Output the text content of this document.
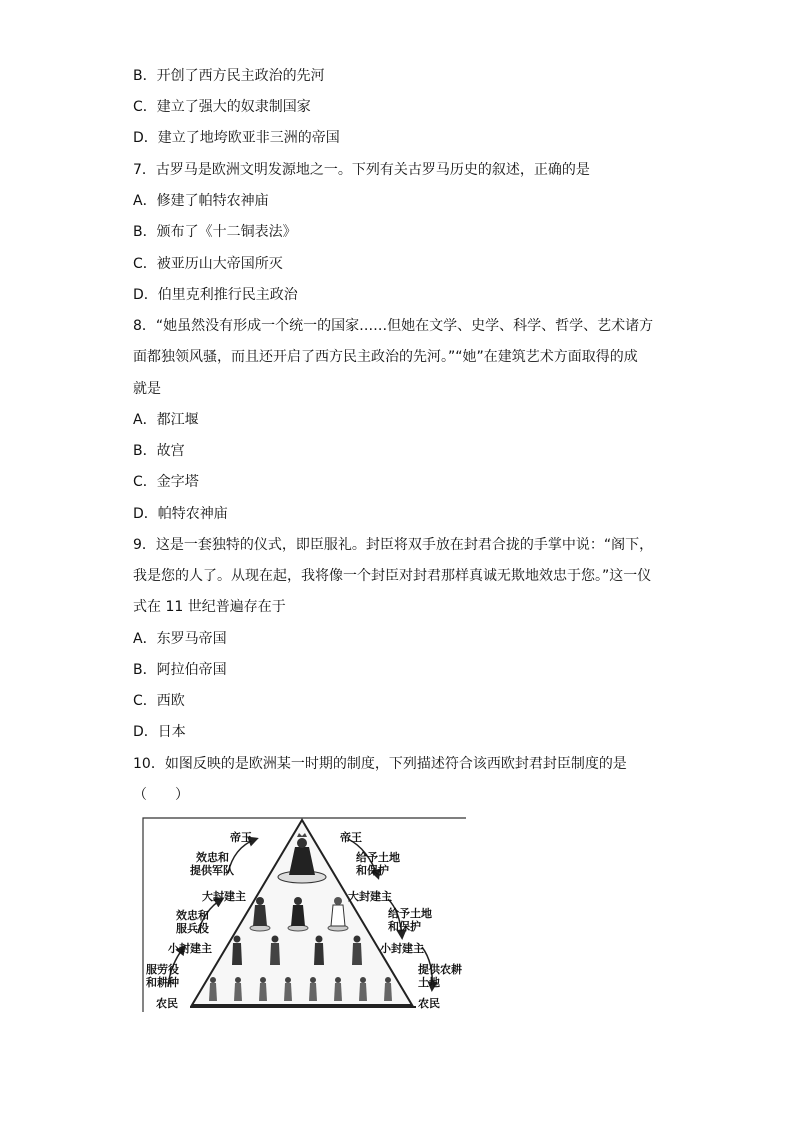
B．开创了西方民主政治的先河
C．建立了强大的奴隶制国家
D．建立了地垮欧亚非三洲的帝国
7．古罗马是欧洲文明发源地之一。下列有关古罗马历史的叙述，正确的是
A．修建了帕特农神庙
B．颁布了《十二铜表法》
C．被亚历山大帝国所灭
D．伯里克利推行民主政治
8．“她虽然没有形成一个统一的国家……但她在文学、史学、科学、哲学、艺术诸方
面都独领风骚，而且还开启了西方民主政治的先河。”“她”在建筑艺术方面取得的成
就是
A．都江堰
B．故宫
C．金字塔
D．帕特农神庙
9．这是一套独特的仪式，即臣服礼。封臣将双手放在封君合拢的手掌中说：“阁下，
我是您的人了。从现在起，我将像一个封臣对封君那样真诚无欺地效忠于您。”这一仪
式在 11 世纪普遍存在于
A．东罗马帝国
B．阿拉伯帝国
C．西欧
D．日本
10．如图反映的是欧洲某一时期的制度，下列描述符合该西欧封君封臣制度的是
（　　）
帝王
效忠和
提供军队
大封建主
效忠和
服兵役
小封建主
服劳役
和耕种
农民
帝王
给予土地
和保护
大封建主
给予土地
和保护
小封建主
提供农耕
土地
农民
